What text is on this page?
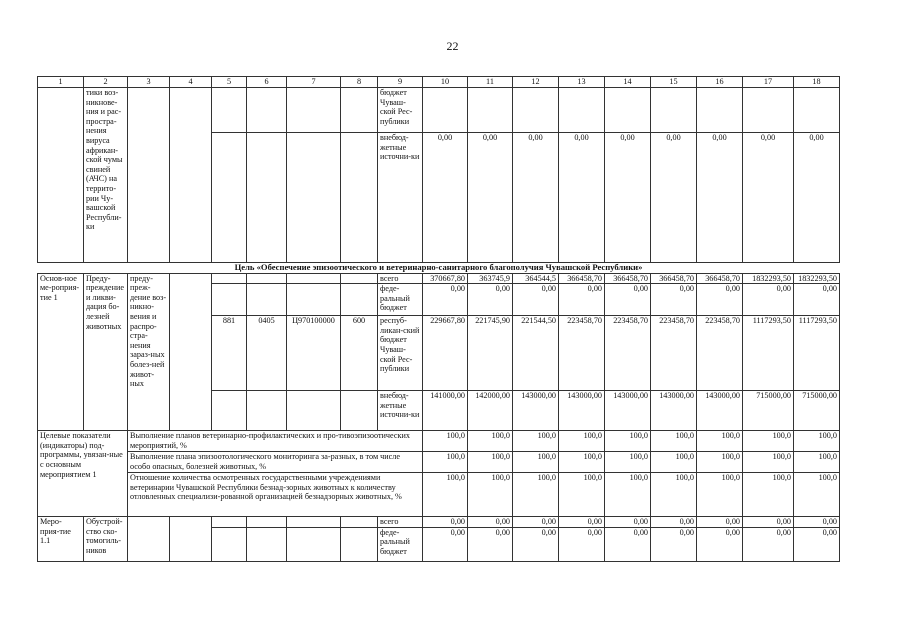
22
1	2	3	4	5	6	7	8	9	10	11	12	13	14	15	16	17	18
	тики воз-никнове-ния и рас-простра-нения вируса африкан-ской чумы свиней (АЧС) на террито-рии Чу-вашской Республи-ки							бюджет Чуваш-ской Рес-публики									
								внебюд-жетные источни-ки	0,00	0,00	0,00	0,00	0,00	0,00	0,00	0,00	0,00
Цель «Обеспечение эпизоотического и ветеринарно-санитарного благополучия Чувашской Республики»																	
Основ-ное ме-роприя-тие 1	Преду-преждение и ликви-дация бо-лезней животных	преду-преж-дение воз-никно-вения и распро-стра-нения зараз-ных болез-ней живот-ных						всего	370667,80	363745,9	364544,5	366458,70	366458,70	366458,70	366458,70	1832293,50	1832293,50
								феде-ральный бюджет	0,00	0,00	0,00	0,00	0,00	0,00	0,00	0,00	0,00
				881	0405	Ц970100000	600	респуб-ликан-ский бюджет Чуваш-ской Рес-публики	229667,80	221745,90	221544,50	223458,70	223458,70	223458,70	223458,70	1117293,50	1117293,50
								внебюд-жетные источни-ки	141000,00	142000,00	143000,00	143000,00	143000,00	143000,00	143000,00	715000,00	715000,00
Целевые показатели (индикаторы) под-программы, увязан-ные с основным мероприятием 1		Выполнение планов ветеринарно-профилактических и про-тивоэпизоотических мероприятий, %							100,0	100,0	100,0	100,0	100,0	100,0	100,0	100,0	100,0
		Выполнение плана эпизоотологического мониторинга за-разных, в том числе особо опасных, болезней животных, %							100,0	100,0	100,0	100,0	100,0	100,0	100,0	100,0	100,0
		Отношение количества осмотренных государственными учреждениями ветеринарии Чувашской Республики безнад-зорных животных к количеству отловленных специализи-рованной организацией безнадзорных животных, %							100,0	100,0	100,0	100,0	100,0	100,0	100,0	100,0	100,0
Меро-прия-тие 1.1	Обустрой-ство ско-томогиль-ников							всего	0,00	0,00	0,00	0,00	0,00	0,00	0,00	0,00	0,00
								феде-ральный бюджет	0,00	0,00	0,00	0,00	0,00	0,00	0,00	0,00	0,00
